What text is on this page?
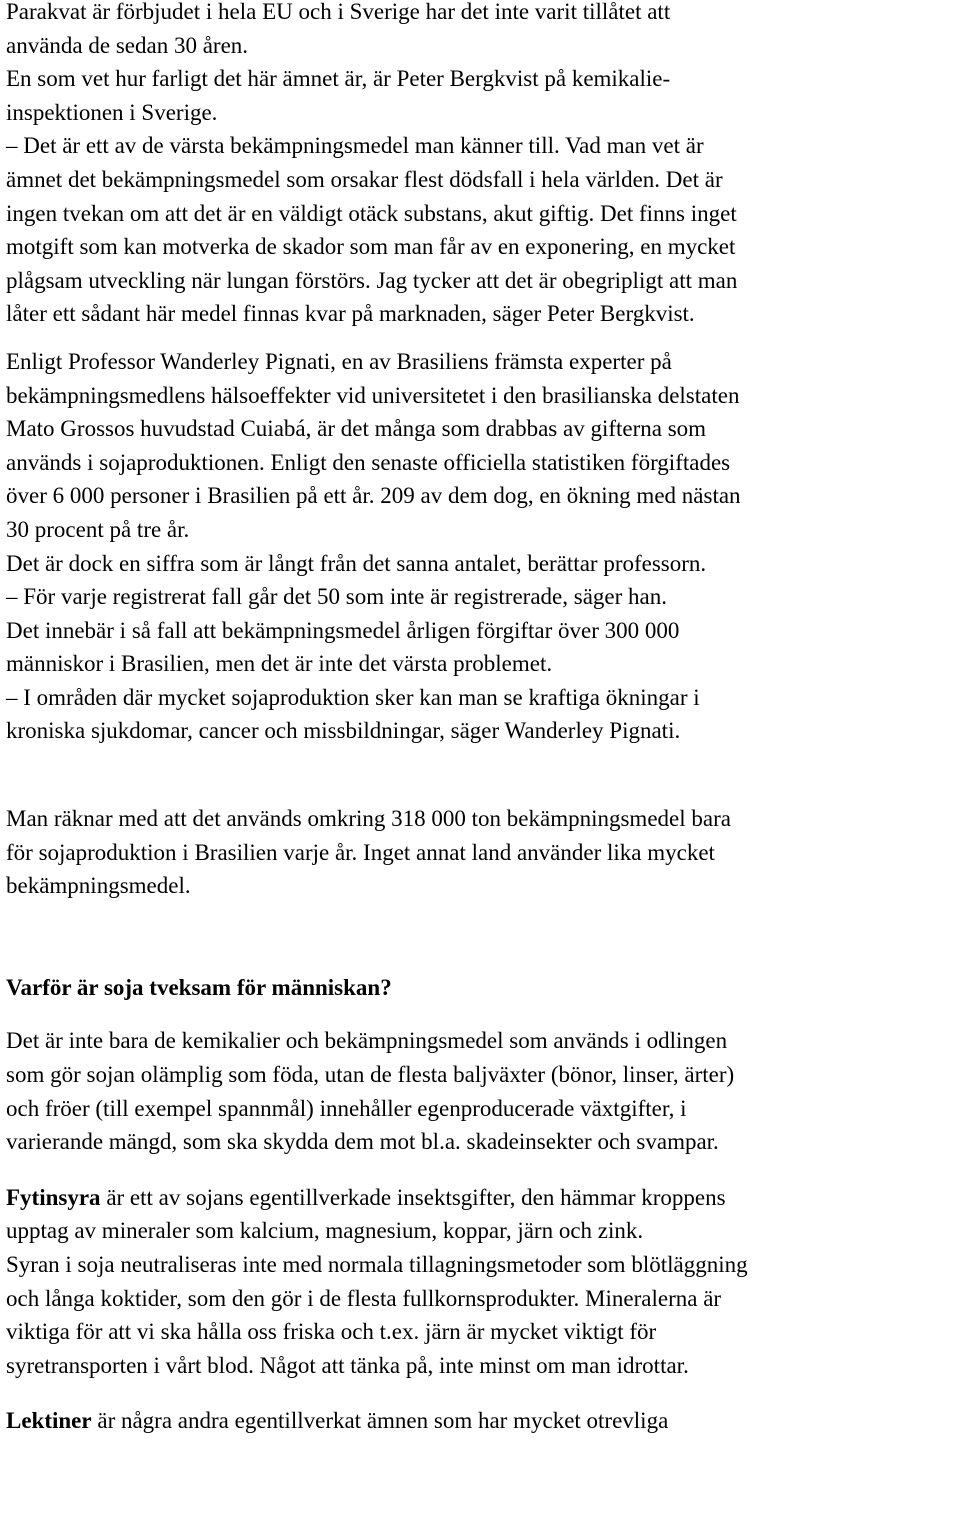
Parakvat är förbjudet i hela EU och i Sverige har det inte varit tillåtet att
använda de sedan 30 åren.
En som vet hur farligt det här ämnet är, är Peter Bergkvist på kemikalie-
inspektionen i Sverige.
– Det är ett av de värsta bekämpningsmedel man känner till. Vad man vet är
ämnet det bekämpningsmedel som orsakar flest dödsfall i hela världen. Det är
ingen tvekan om att det är en väldigt otäck substans, akut giftig. Det finns inget
motgift som kan motverka de skador som man får av en exponering, en mycket
plågsam utveckling när lungan förstörs. Jag tycker att det är obegripligt att man
låter ett sådant här medel finnas kvar på marknaden, säger Peter Bergkvist.
Enligt Professor Wanderley Pignati, en av Brasiliens främsta experter på
bekämpningsmedlens hälsoeffekter vid universitetet i den brasilianska delstaten
Mato Grossos huvudstad Cuiabá, är det många som drabbas av gifterna som
används i sojaproduktionen. Enligt den senaste officiella statistiken förgiftades
över 6 000 personer i Brasilien på ett år. 209 av dem dog, en ökning med nästan
30 procent på tre år.
Det är dock en siffra som är långt från det sanna antalet, berättar professorn.
– För varje registrerat fall går det 50 som inte är registrerade, säger han.
Det innebär i så fall att bekämpningsmedel årligen förgiftar över 300 000
människor i Brasilien, men det är inte det värsta problemet.
– I områden där mycket sojaproduktion sker kan man se kraftiga ökningar i
kroniska sjukdomar, cancer och missbildningar, säger Wanderley Pignati.
Man räknar med att det används omkring 318 000 ton bekämpningsmedel bara
för sojaproduktion i Brasilien varje år. Inget annat land använder lika mycket
bekämpningsmedel.
Varför är soja tveksam för människan?
Det är inte bara de kemikalier och bekämpningsmedel som används i odlingen
som gör sojan olämplig som föda, utan de flesta baljväxter (bönor, linser, ärter)
och fröer (till exempel spannmål) innehåller egenproducerade växtgifter, i
varierande mängd, som ska skydda dem mot bl.a. skadeinsekter och svampar.
Fytinsyra är ett av sojans egentillverkade insektsgifter, den hämmar kroppens
upptag av mineraler som kalcium, magnesium, koppar, järn och zink.
Syran i soja neutraliseras inte med normala tillagningsmetoder som blötläggning
och långa koktider, som den gör i de flesta fullkornsprodukter. Mineralerna är
viktiga för att vi ska hålla oss friska och t.ex. järn är mycket viktigt för
syretransporten i vårt blod. Något att tänka på, inte minst om man idrottar.
Lektiner är några andra egentillverkat ämnen som har mycket otrevliga
